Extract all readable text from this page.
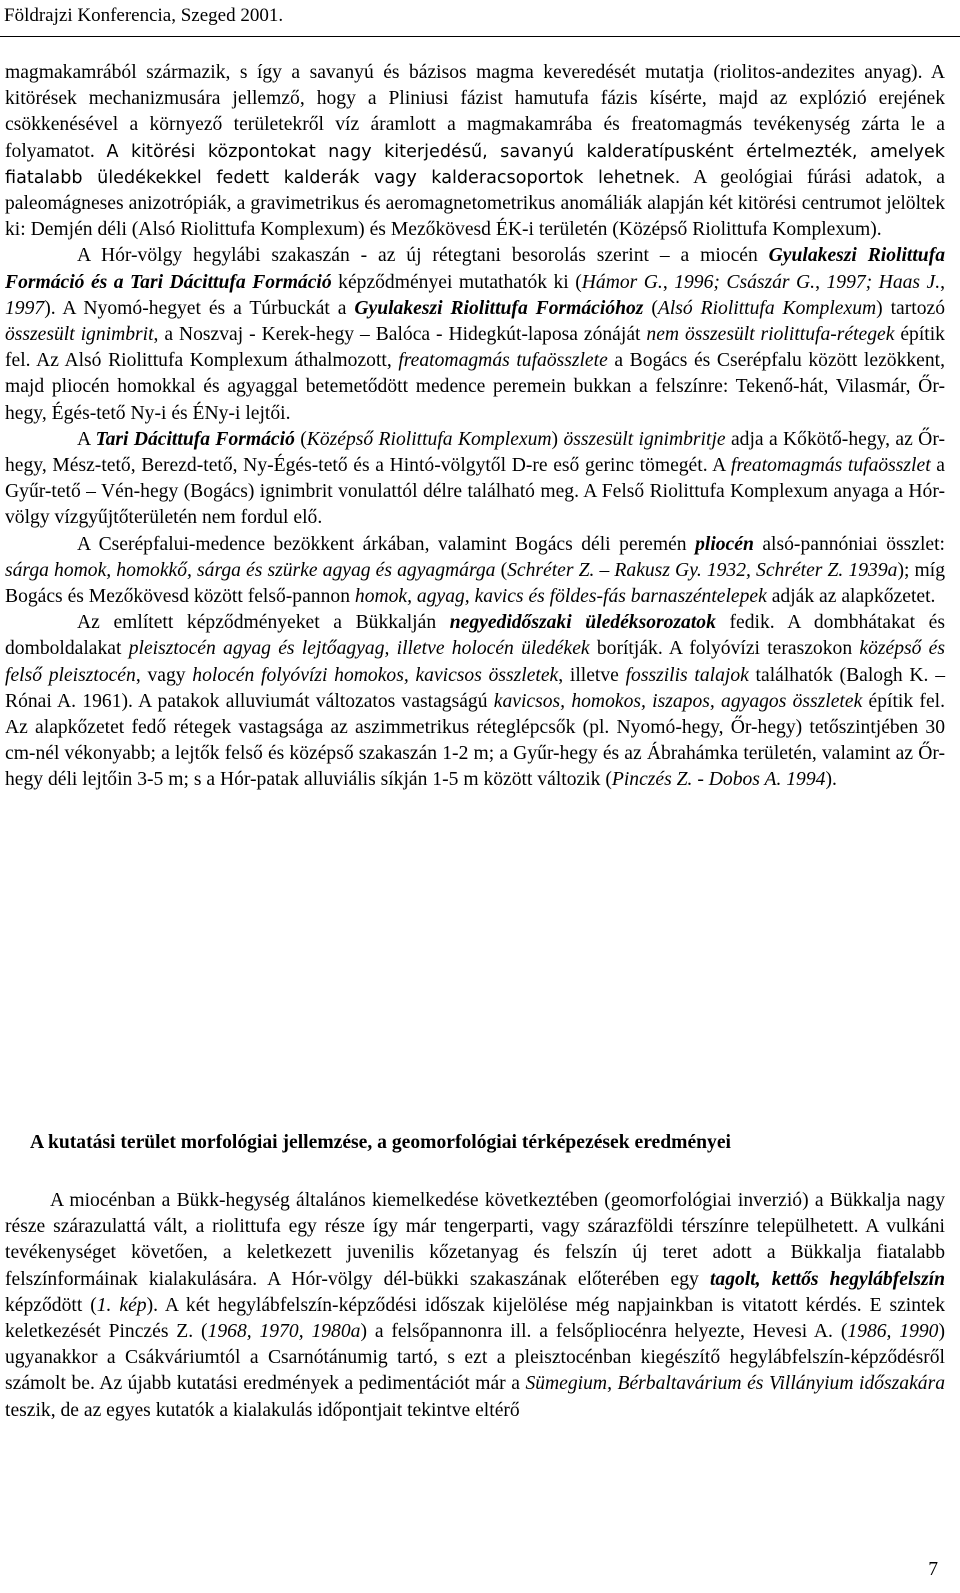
Földrajzi Konferencia, Szeged 2001.

magmakamrából származik, s így a savanyú és bázisos magma keveredését mutatja (riolitos-andezites anyag). A kitörések mechanizmusára jellemző, hogy a Pliniusi fázist hamutufa fázis kísérte, majd az explózió erejének csökkenésével a környező területekről víz áramlott a magmakamrába és freatomagmás tevékenység zárta le a folyamatot. A kitörési központokat nagy kiterjedésű, savanyú kalderatípusként értelmezték, amelyek fiatalabb üledékekkel fedett kalderák vagy kalderacsoportok lehetnek. A geológiai fúrási adatok, a paleomágneses anizotrópiák, a gravimetrikus és aeromagnetometrikus anomáliák alapján két kitörési centrumot jelöltek ki: Demjén déli (Alsó Riolittufa Komplexum) és Mezőkövesd ÉK-i területén (Középső Riolittufa Komplexum).

A Hór-völgy hegylábi szakaszán - az új rétegtani besorolás szerint – a miocén Gyulakeszi Riolittufa Formáció és a Tari Dácittufa Formáció képződményei mutathatók ki (Hámor G., 1996; Császár G., 1997; Haas J., 1997). A Nyomó-hegyet és a Túrbuckát a Gyulakeszi Riolittufa Formációhoz (Alsó Riolittufa Komplexum) tartozó összesült ignimbrit, a Noszvaj - Kerek-hegy – Balóca - Hidegkút-laposa zónáját nem összesült riolittufa-rétegek építik fel. Az Alsó Riolittufa Komplexum áthalmozott, freatomagmás tufaösszlete a Bogács és Cserépfalu között lezökkent, majd pliocén homokkal és agyaggal betemetődött medence peremein bukkan a felszínre: Tekenő-hát, Vilasmár, Őr-hegy, Égés-tető Ny-i és ÉNy-i lejtői.

A Tari Dácittufa Formáció (Középső Riolittufa Komplexum) összesült ignimbritje adja a Kőkötő-hegy, az Őr-hegy, Mész-tető, Berezd-tető, Ny-Égés-tető és a Hintó-völgytől D-re eső gerinc tömegét. A freatomagmás tufaösszlet a Gyűr-tető – Vén-hegy (Bogács) ignimbrit vonulattól délre található meg. A Felső Riolittufa Komplexum anyaga a Hór-völgy vízgyűjtőterületén nem fordul elő.

A Cserépfalui-medence bezökkent árkában, valamint Bogács déli peremén pliocén alsó-pannóniai összlet: sárga homok, homokkő, sárga és szürke agyag és agyagmárga (Schréter Z. – Rakusz Gy. 1932, Schréter Z. 1939a); míg Bogács és Mezőkövesd között felső-pannon homok, agyag, kavics és földes-fás barnaszéntelepek adják az alapkőzetet.

Az említett képződményeket a Bükkalján negyedidőszaki üledéksorozatok fedik. A dombhátakat és domboldalakat pleisztocén agyag és lejtőagyag, illetve holocén üledékek borítják. A folyóvízi teraszokon középső és felső pleisztocén, vagy holocén folyóvízi homokos, kavicsos összletek, illetve fosszilis talajok találhatók (Balogh K. – Rónai A. 1961). A patakok alluviumát változatos vastagságú kavicsos, homokos, iszapos, agyagos összletek építik fel. Az alapkőzetet fedő rétegek vastagsága az aszimmetrikus réteglépcsők (pl. Nyomó-hegy, Őr-hegy) tetőszintjében 30 cm-nél vékonyabb; a lejtők felső és középső szakaszán 1-2 m; a Gyűr-hegy és az Ábrahámka területén, valamint az Őr-hegy déli lejtőin 3-5 m; s a Hór-patak alluviális síkján 1-5 m között változik (Pinczés Z. - Dobos A. 1994).

A kutatási terület morfológiai jellemzése, a geomorfológiai térképezések eredményei

A miocénban a Bükk-hegység általános kiemelkedése következtében (geomorfológiai inverzió) a Bükkalja nagy része szárazulattá vált, a riolittufa egy része így már tengerparti, vagy szárazföldi térszínre települhetett. A vulkáni tevékenységet követően, a keletkezett juvenilis kőzetanyag és felszín új teret adott a Bükkalja fiatalabb felszínformáinak kialakulására. A Hór-völgy dél-bükki szakaszának előterében egy tagolt, kettős hegylábfelszín képződött (1. kép). A két hegylábfelszín-képződési időszak kijelölése még napjainkban is vitatott kérdés. E szintek keletkezését Pinczés Z. (1968, 1970, 1980a) a felsőpannonra ill. a felsőpliocénra helyezte, Hevesi A. (1986, 1990) ugyanakkor a Csákváriumtól a Csarnótánumig tartó, s ezt a pleisztocénban kiegészítő hegylábfelszín-képződésről számolt be. Az újabb kutatási eredmények a pedimentációt már a Sümegium, Bérbaltavárium és Villányium időszakára teszik, de az egyes kutatók a kialakulás időpontjait tekintve eltérő

7
